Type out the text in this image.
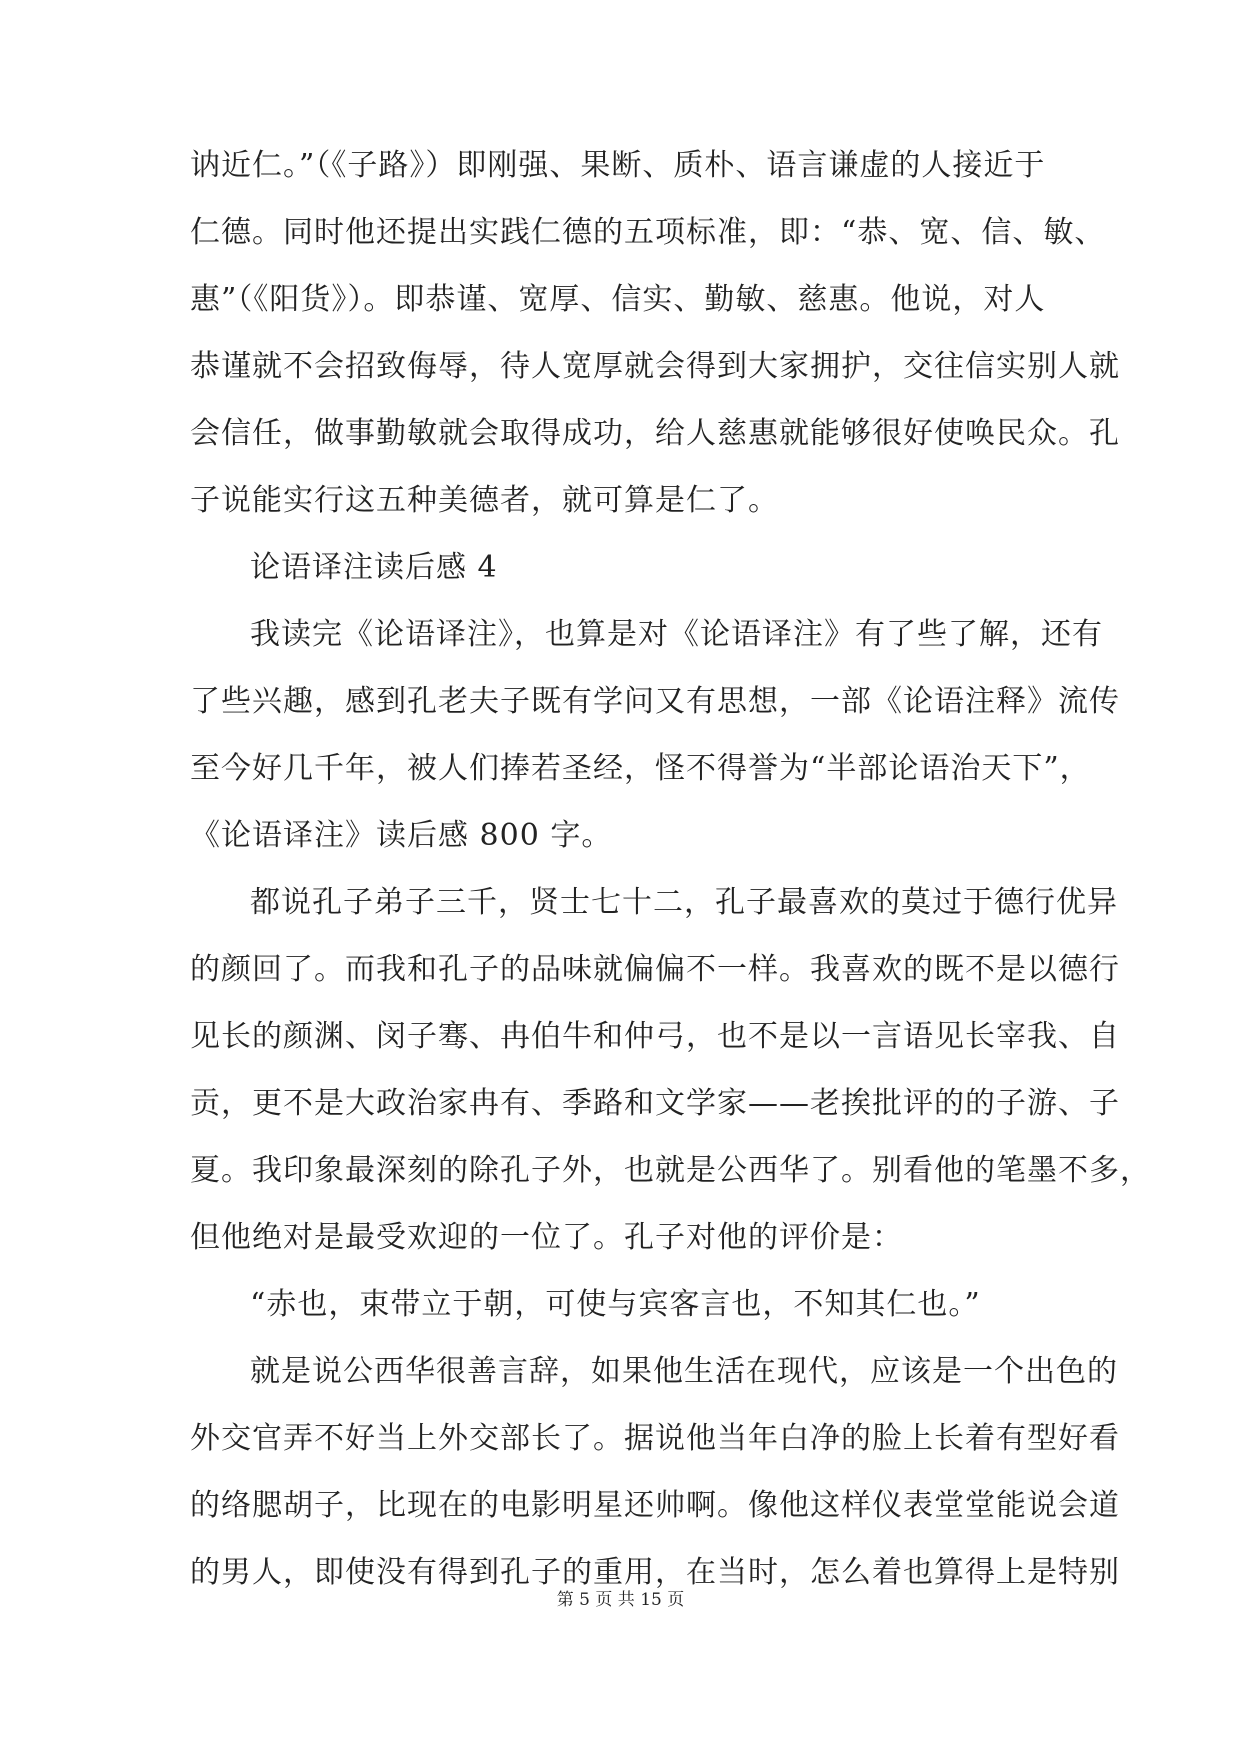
讷近仁。”（《子路》）即刚强、果断、质朴、语言谦虚的人接近于
仁德。同时他还提出实践仁德的五项标准，即：“恭、宽、信、敏、
惠”（《阳货》）。即恭谨、宽厚、信实、勤敏、慈惠。他说，对人
恭谨就不会招致侮辱，待人宽厚就会得到大家拥护，交往信实别人就
会信任，做事勤敏就会取得成功，给人慈惠就能够很好使唤民众。孔
子说能实行这五种美德者，就可算是仁了。
论语译注读后感 4
我读完《论语译注》，也算是对《论语译注》有了些了解，还有
了些兴趣，感到孔老夫子既有学问又有思想，一部《论语注释》流传
至今好几千年，被人们捧若圣经，怪不得誉为“半部论语治天下”，
《论语译注》读后感 800 字。
都说孔子弟子三千，贤士七十二，孔子最喜欢的莫过于德行优异
的颜回了。而我和孔子的品味就偏偏不一样。我喜欢的既不是以德行
见长的颜渊、闵子骞、冉伯牛和仲弓，也不是以一言语见长宰我、自
贡，更不是大政治家冉有、季路和文学家——老挨批评的的子游、子
夏。我印象最深刻的除孔子外，也就是公西华了。别看他的笔墨不多，
但他绝对是最受欢迎的一位了。孔子对他的评价是：
“赤也，束带立于朝，可使与宾客言也，不知其仁也。”
就是说公西华很善言辞，如果他生活在现代，应该是一个出色的
外交官弄不好当上外交部长了。据说他当年白净的脸上长着有型好看
的络腮胡子，比现在的电影明星还帅啊。像他这样仪表堂堂能说会道
的男人，即使没有得到孔子的重用，在当时，怎么着也算得上是特别
第 5 页 共 15 页
